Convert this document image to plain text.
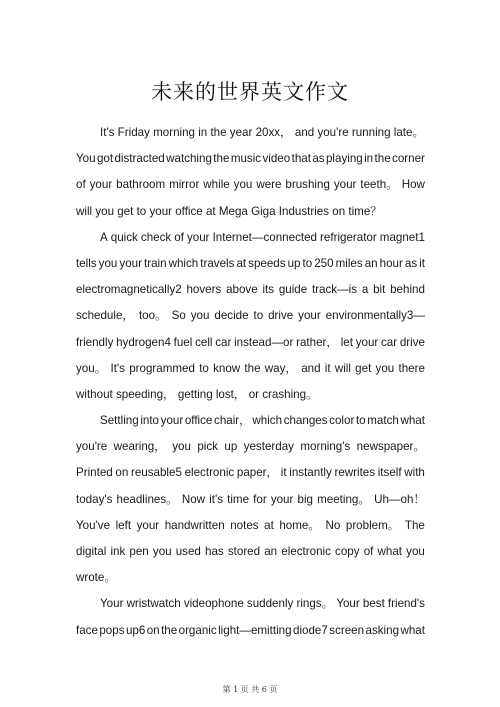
未来的世界英文作文
It's Friday morning in the year 20xx， and you're running late。
You got distracted watching the music video that as playing in the corner
of your bathroom mirror while you were brushing your teeth。 How
will you get to your office at Mega Giga Industries on time？
A quick check of your Internet—connected refrigerator magnet1
tells you your train which travels at speeds up to 250 miles an hour as it
electromagnetically2 hovers above its guide track—is a bit behind
schedule， too。 So you decide to drive your environmentally3—
friendly hydrogen4 fuel cell car instead—or rather， let your car drive
you。 It's programmed to know the way， and it will get you there
without speeding， getting lost， or crashing。
Settling into your office chair， which changes color to match what
you're wearing， you pick up yesterday morning's newspaper。
Printed on reusable5 electronic paper， it instantly rewrites itself with
today's headlines。 Now it's time for your big meeting。 Uh—oh！
You've left your handwritten notes at home。 No problem。 The
digital ink pen you used has stored an electronic copy of what you
wrote。
Your wristwatch videophone suddenly rings。 Your best friend's
face pops up6 on the organic light—emitting diode7 screen asking what
第 1 页 共 6 页
